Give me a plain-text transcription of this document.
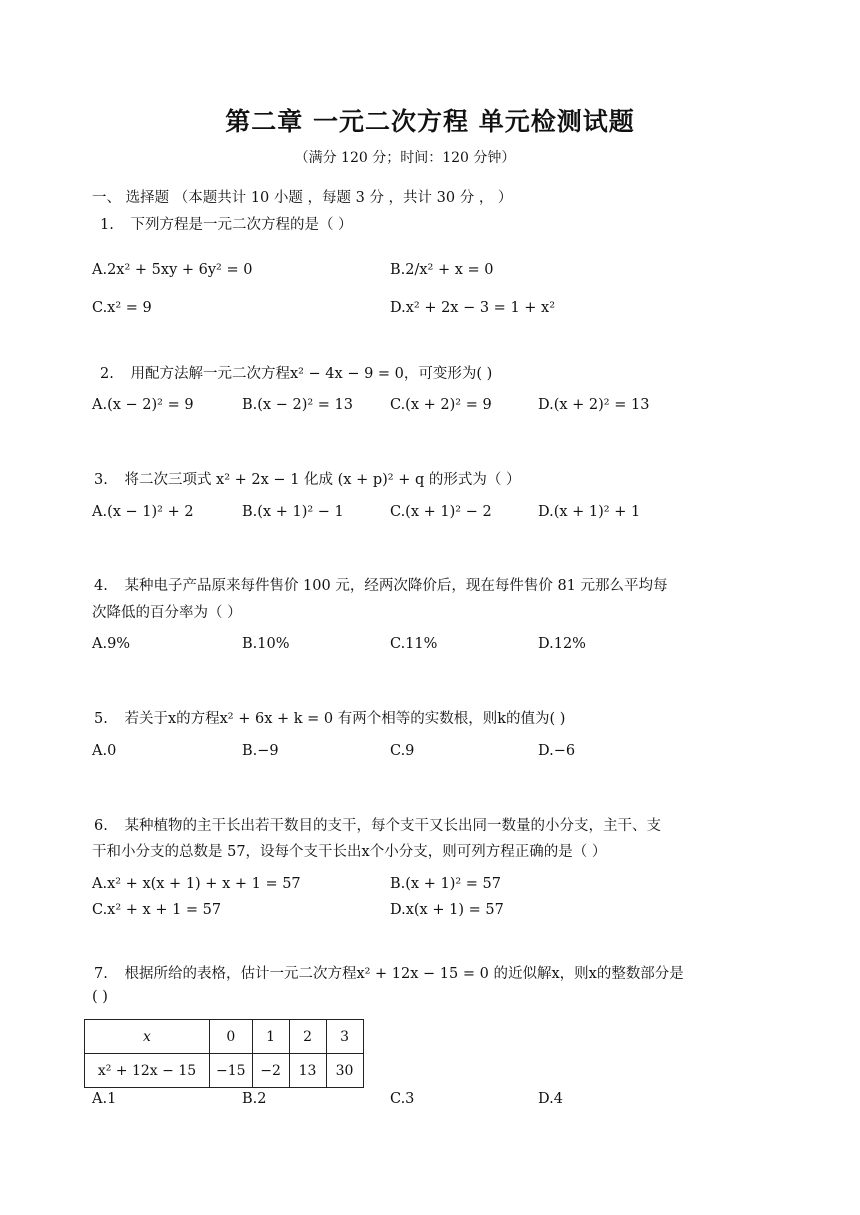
第二章 一元二次方程 单元检测试题
（满分 120 分；时间：120 分钟）
一、 选择题 （本题共计 10 小题 ，每题 3 分 ，共计 30 分 ， ）
1. 下列方程是一元二次方程的是（ ）
A.2x² + 5xy + 6y² = 0	B.2/x² + x = 0
C.x² = 9	D.x² + 2x − 3 = 1 + x²
2. 用配方法解一元二次方程x² − 4x − 9 = 0，可变形为( )
A.(x − 2)² = 9	B.(x − 2)² = 13	C.(x + 2)² = 9	D.(x + 2)² = 13
3. 将二次三项式 x² + 2x − 1 化成 (x + p)² + q 的形式为（ ）
A.(x − 1)² + 2	B.(x + 1)² − 1	C.(x + 1)² − 2	D.(x + 1)² + 1
4. 某种电子产品原来每件售价 100 元，经两次降价后，现在每件售价 81 元那么平均每
次降低的百分率为（ ）
A.9%	B.10%	C.11%	D.12%
5. 若关于x的方程x² + 6x + k = 0 有两个相等的实数根，则k的值为( )
A.0	B.−9	C.9	D.−6
6. 某种植物的主干长出若干数目的支干，每个支干又长出同一数量的小分支，主干、支
干和小分支的总数是 57，设每个支干长出x个小分支，则可列方程正确的是（ ）
A.x² + x(x + 1) + x + 1 = 57	B.(x + 1)² = 57
C.x² + x + 1 = 57	D.x(x + 1) = 57
7. 根据所给的表格，估计一元二次方程x² + 12x − 15 = 0 的近似解x，则x的整数部分是
( )
x	0	1	2	3
x² + 12x − 15	−15	−2	13	30
A.1	B.2	C.3	D.4
